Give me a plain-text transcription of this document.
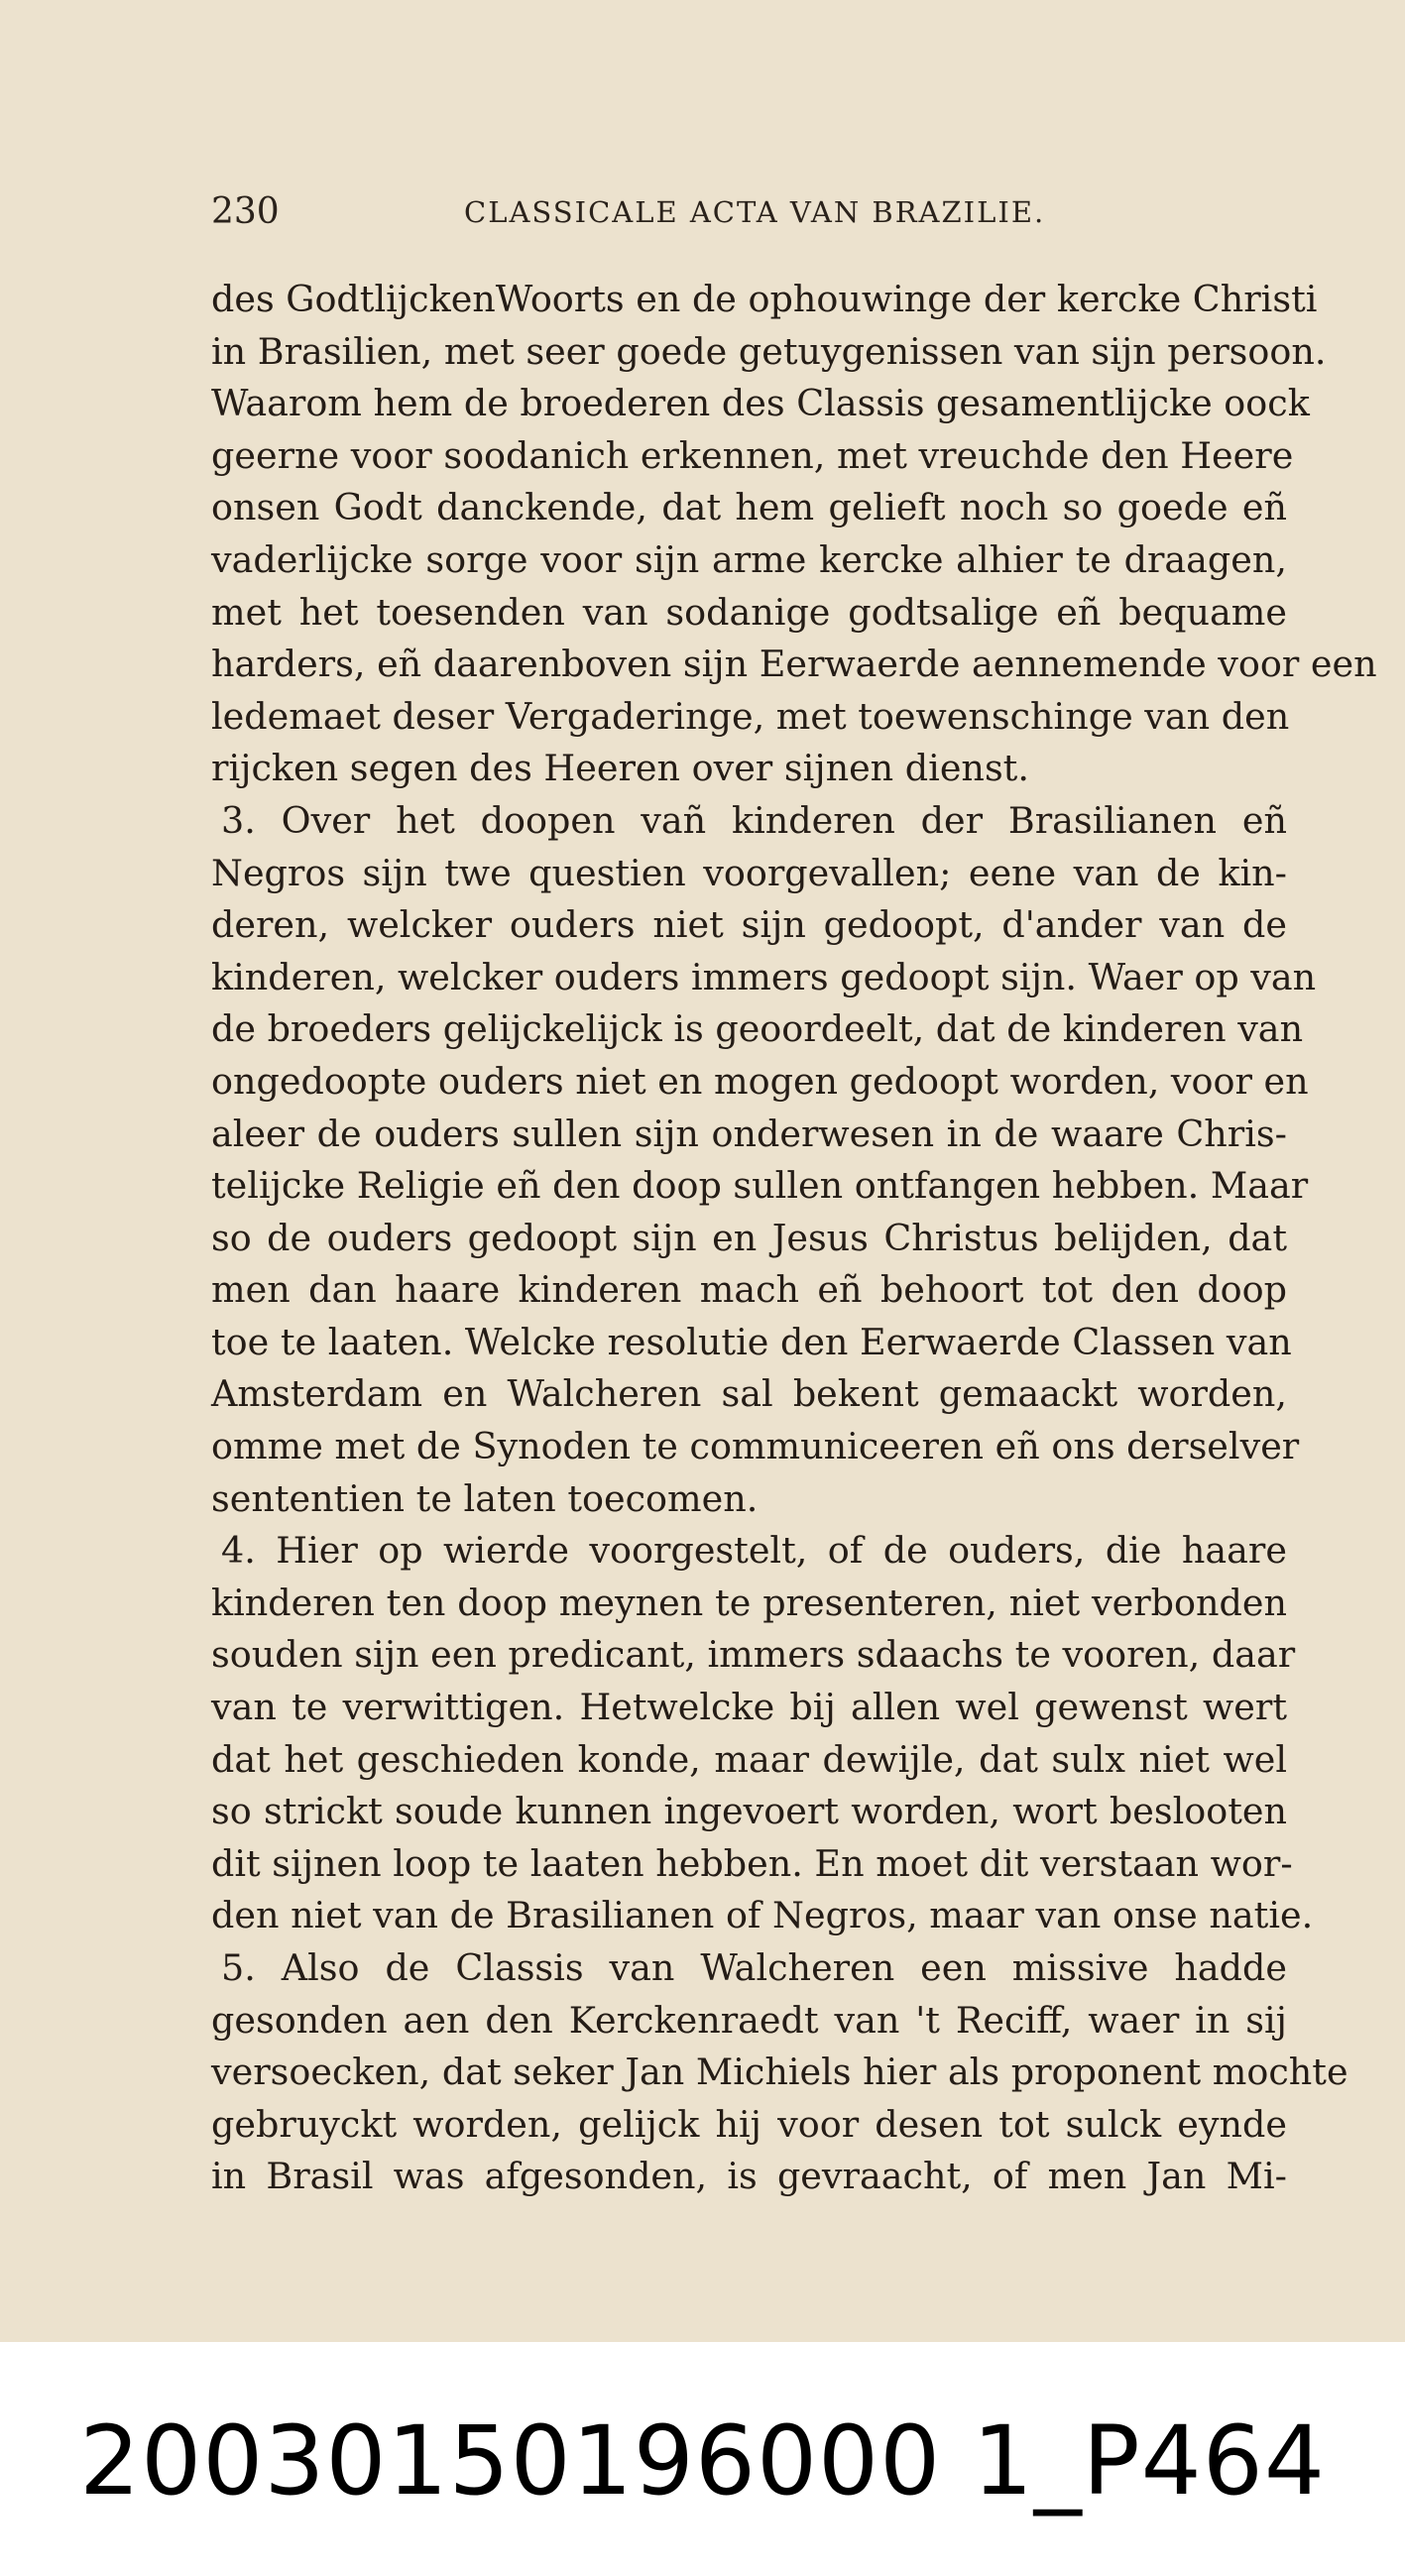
230	CLASSICALE ACTA VAN BRAZILIE.
des GodtlijckenWoorts en de ophouwinge der kercke Christi
in Brasilien, met seer goede getuygenissen van sijn persoon.
Waarom hem de broederen des Classis gesamentlijcke oock
geerne voor soodanich erkennen, met vreuchde den Heere
onsen Godt danckende, dat hem gelieft noch so goede eñ
vaderlijcke sorge voor sijn arme kercke alhier te draagen,
met het toesenden van sodanige godtsalige eñ bequame
harders, eñ daarenboven sijn Eerwaerde aennemende voor een
ledemaet deser Vergaderinge, met toewenschinge van den
rijcken segen des Heeren over sijnen dienst.
3. Over het doopen vañ kinderen der Brasilianen eñ
Negros sijn twe questien voorgevallen; eene van de kin-
deren, welcker ouders niet sijn gedoopt, d'ander van de
kinderen, welcker ouders immers gedoopt sijn. Waer op van
de broeders gelijckelijck is geoordeelt, dat de kinderen van
ongedoopte ouders niet en mogen gedoopt worden, voor en
aleer de ouders sullen sijn onderwesen in de waare Chris-
telijcke Religie eñ den doop sullen ontfangen hebben. Maar
so de ouders gedoopt sijn en Jesus Christus belijden, dat
men dan haare kinderen mach eñ behoort tot den doop
toe te laaten. Welcke resolutie den Eerwaerde Classen van
Amsterdam en Walcheren sal bekent gemaackt worden,
omme met de Synoden te communiceeren eñ ons derselver
sententien te laten toecomen.
4. Hier op wierde voorgestelt, of de ouders, die haare
kinderen ten doop meynen te presenteren, niet verbonden
souden sijn een predicant, immers sdaachs te vooren, daar
van te verwittigen. Hetwelcke bij allen wel gewenst wert
dat het geschieden konde, maar dewijle, dat sulx niet wel
so strickt soude kunnen ingevoert worden, wort beslooten
dit sijnen loop te laaten hebben. En moet dit verstaan wor-
den niet van de Brasilianen of Negros, maar van onse natie.
5. Also de Classis van Walcheren een missive hadde
gesonden aen den Kerckenraedt van 't Reciff, waer in sij
versoecken, dat seker Jan Michiels hier als proponent mochte
gebruyckt worden, gelijck hij voor desen tot sulck eynde
in Brasil was afgesonden, is gevraacht, of men Jan Mi-
20030150196000 1_P464
